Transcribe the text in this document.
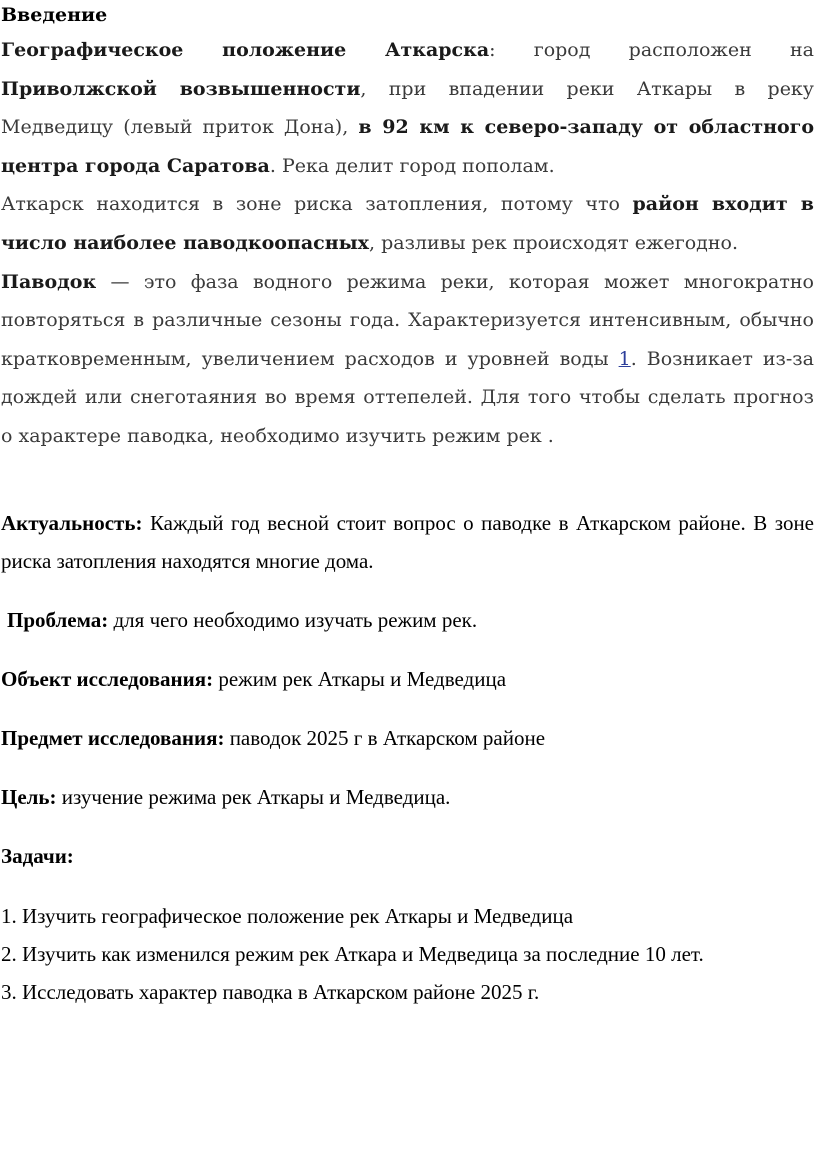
Введение

Географическое положение Аткарска: город расположен на Приволжской возвышенности, при впадении реки Аткары в реку Медведицу (левый приток Дона), в 92 км к северо-западу от областного центра города Саратова. Река делит город пополам.

Аткарск находится в зоне риска затопления, потому что район входит в число наиболее паводкоопасных, разливы рек происходят ежегодно.

Паводок — это фаза водного режима реки, которая может многократно повторяться в различные сезоны года. Характеризуется интенсивным, обычно кратковременным, увеличением расходов и уровней воды 1. Возникает из-за дождей или снеготаяния во время оттепелей. Для того чтобы сделать прогноз о характере паводка, необходимо изучить режим рек .

Актуальность: Каждый год весной стоит вопрос о паводке в Аткарском районе. В зоне риска затопления находятся многие дома.

Проблема: для чего необходимо изучать режим рек.

Объект исследования: режим рек Аткары и Медведица

Предмет исследования: паводок 2025 г в Аткарском районе

Цель: изучение режима рек Аткары и Медведица.

Задачи:

1. Изучить географическое положение рек Аткары и Медведица

2. Изучить как изменился режим рек Аткара и Медведица за последние 10 лет.

3. Исследовать характер паводка в Аткарском районе 2025 г.
